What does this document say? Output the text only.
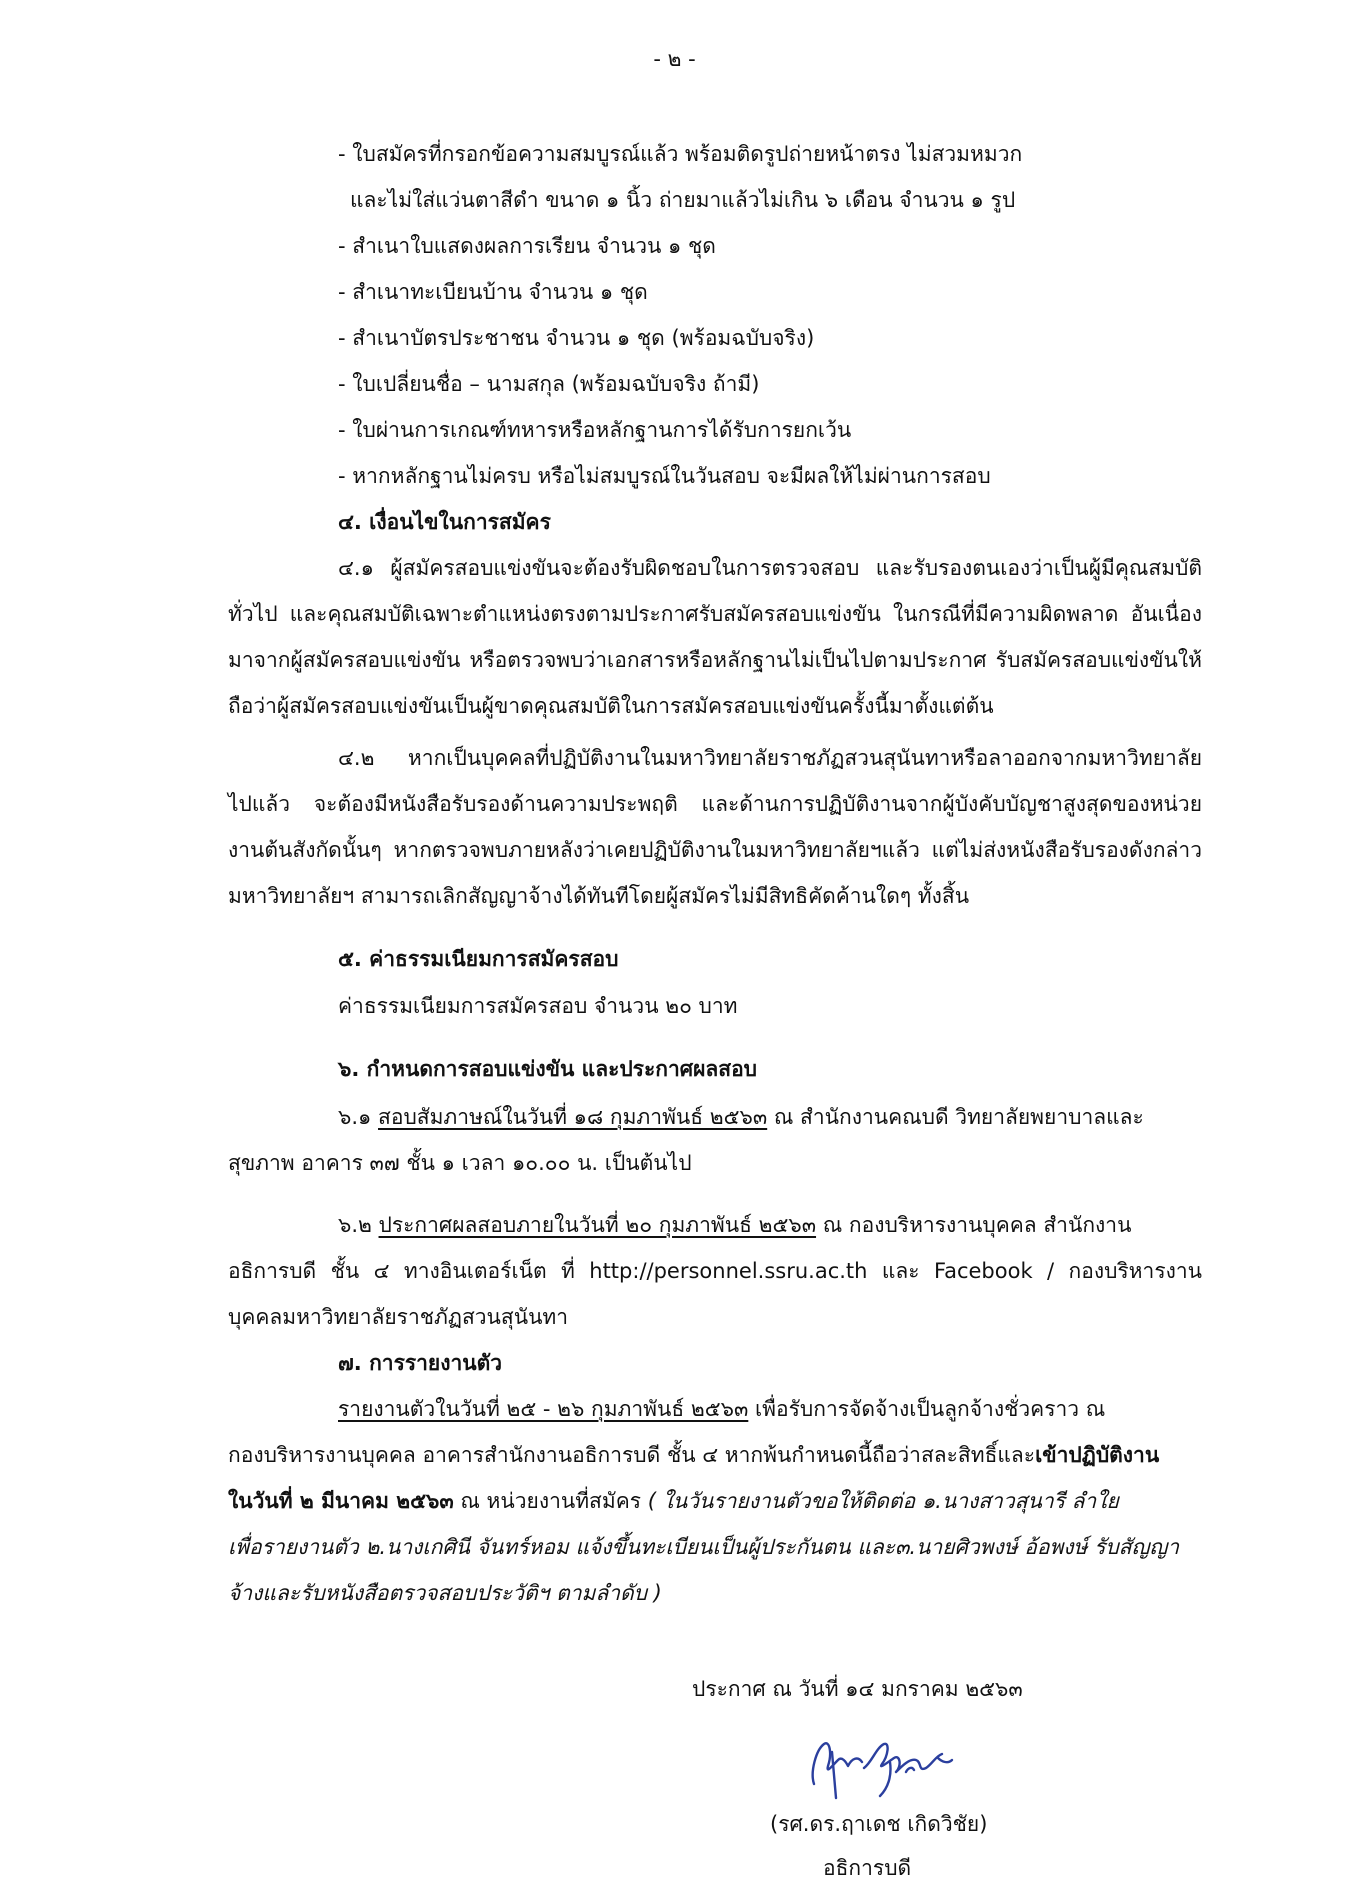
- ๒ -
- ใบสมัครที่กรอกข้อความสมบูรณ์แล้ว พร้อมติดรูปถ่ายหน้าตรง ไม่สวมหมวก
และไม่ใส่แว่นตาสีดำ ขนาด ๑ นิ้ว ถ่ายมาแล้วไม่เกิน ๖ เดือน จำนวน ๑ รูป
- สำเนาใบแสดงผลการเรียน จำนวน ๑ ชุด
- สำเนาทะเบียนบ้าน จำนวน ๑ ชุด
- สำเนาบัตรประชาชน จำนวน ๑ ชุด (พร้อมฉบับจริง)
- ใบเปลี่ยนชื่อ – นามสกุล (พร้อมฉบับจริง ถ้ามี)
- ใบผ่านการเกณฑ์ทหารหรือหลักฐานการได้รับการยกเว้น
- หากหลักฐานไม่ครบ หรือไม่สมบูรณ์ในวันสอบ จะมีผลให้ไม่ผ่านการสอบ
๔. เงื่อนไขในการสมัคร
๔.๑ ผู้สมัครสอบแข่งขันจะต้องรับผิดชอบในการตรวจสอบ และรับรองตนเองว่าเป็นผู้มีคุณสมบัติ
ทั่วไป และคุณสมบัติเฉพาะตำแหน่งตรงตามประกาศรับสมัครสอบแข่งขัน ในกรณีที่มีความผิดพลาด อันเนื่อง
มาจากผู้สมัครสอบแข่งขัน หรือตรวจพบว่าเอกสารหรือหลักฐานไม่เป็นไปตามประกาศ รับสมัครสอบแข่งขันให้
ถือว่าผู้สมัครสอบแข่งขันเป็นผู้ขาดคุณสมบัติในการสมัครสอบแข่งขันครั้งนี้มาตั้งแต่ต้น
๔.๒ หากเป็นบุคคลที่ปฏิบัติงานในมหาวิทยาลัยราชภัฏสวนสุนันทาหรือลาออกจากมหาวิทยาลัย
ไปแล้ว จะต้องมีหนังสือรับรองด้านความประพฤติ และด้านการปฏิบัติงานจากผู้บังคับบัญชาสูงสุดของหน่วย
งานต้นสังกัดนั้นๆ หากตรวจพบภายหลังว่าเคยปฏิบัติงานในมหาวิทยาลัยฯแล้ว แต่ไม่ส่งหนังสือรับรองดังกล่าว
มหาวิทยาลัยฯ สามารถเลิกสัญญาจ้างได้ทันทีโดยผู้สมัครไม่มีสิทธิคัดค้านใดๆ ทั้งสิ้น
๕. ค่าธรรมเนียมการสมัครสอบ
ค่าธรรมเนียมการสมัครสอบ จำนวน ๒๐ บาท
๖. กำหนดการสอบแข่งขัน และประกาศผลสอบ
๖.๑ สอบสัมภาษณ์ในวันที่ ๑๘ กุมภาพันธ์ ๒๕๖๓ ณ สำนักงานคณบดี วิทยาลัยพยาบาลและ
สุขภาพ อาคาร ๓๗ ชั้น ๑ เวลา ๑๐.๐๐ น. เป็นต้นไป
๖.๒ ประกาศผลสอบภายในวันที่ ๒๐ กุมภาพันธ์ ๒๕๖๓ ณ กองบริหารงานบุคคล สำนักงาน
อธิการบดี ชั้น ๔ ทางอินเตอร์เน็ต ที่ http://personnel.ssru.ac.th และ Facebook / กองบริหารงาน
บุคคลมหาวิทยาลัยราชภัฏสวนสุนันทา
๗. การรายงานตัว
รายงานตัวในวันที่ ๒๕ - ๒๖ กุมภาพันธ์ ๒๕๖๓ เพื่อรับการจัดจ้างเป็นลูกจ้างชั่วคราว ณ
กองบริหารงานบุคคล อาคารสำนักงานอธิการบดี ชั้น ๔ หากพ้นกำหนดนี้ถือว่าสละสิทธิ์และเข้าปฏิบัติงาน
ในวันที่ ๒ มีนาคม ๒๕๖๓ ณ หน่วยงานที่สมัคร ( ในวันรายงานตัวขอให้ติดต่อ ๑.นางสาวสุนารี ลำใย
เพื่อรายงานตัว ๒.นางเกศินี จันทร์หอม แจ้งขึ้นทะเบียนเป็นผู้ประกันตน และ๓.นายศิวพงษ์ อ้อพงษ์ รับสัญญา
จ้างและรับหนังสือตรวจสอบประวัติฯ ตามลำดับ )
ประกาศ ณ วันที่ ๑๔ มกราคม ๒๕๖๓
(รศ.ดร.ฤาเดช เกิดวิชัย)
อธิการบดี
